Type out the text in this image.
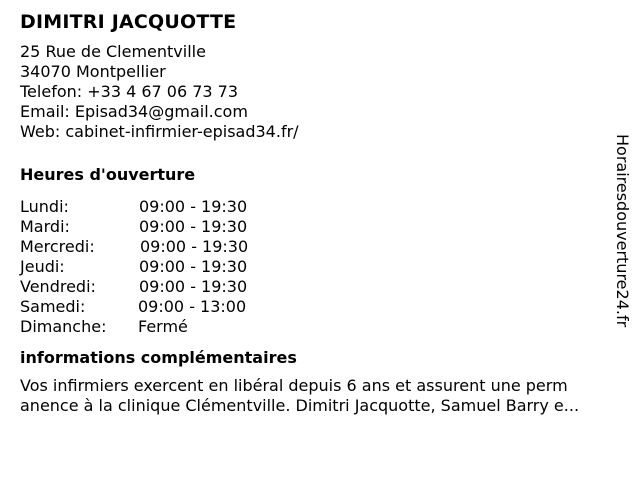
DIMITRI JACQUOTTE
25 Rue de Clementville
34070 Montpellier
Telefon: +33 4 67 06 73 73
Email: Episad34@gmail.com
Web: cabinet-infirmier-episad34.fr/
Heures d'ouverture
Lundi:	09:00 - 19:30
Mardi:	09:00 - 19:30
Mercredi:	09:00 - 19:30
Jeudi:	09:00 - 19:30
Vendredi:	09:00 - 19:30
Samedi:	09:00 - 13:00
Dimanche:	Fermé
informations complémentaires
Vos infirmiers exercent en libéral depuis 6 ans et assurent une perm
anence à la clinique Clémentville. Dimitri Jacquotte, Samuel Barry e...
Horairesdouverture24.fr
